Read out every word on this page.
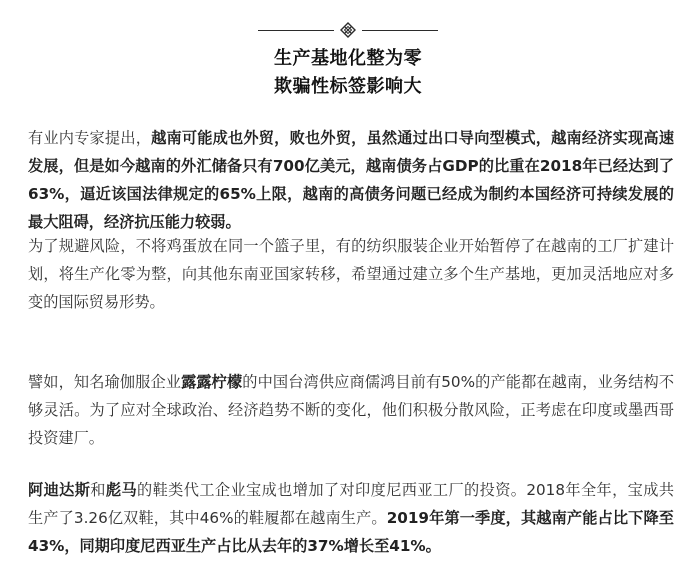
生产基地化整为零
欺骗性标签影响大
有业内专家提出，越南可能成也外贸，败也外贸，虽然通过出口导向型模式，越南经济实现高速发展，但是如今越南的外汇储备只有700亿美元，越南债务占GDP的比重在2018年已经达到了63%，逼近该国法律规定的65%上限，越南的高债务问题已经成为制约本国经济可持续发展的最大阻碍，经济抗压能力较弱。
为了规避风险，不将鸡蛋放在同一个篮子里，有的纺织服装企业开始暂停了在越南的工厂扩建计划，将生产化零为整，向其他东南亚国家转移，希望通过建立多个生产基地，更加灵活地应对多变的国际贸易形势。
譬如，知名瑜伽服企业露露柠檬的中国台湾供应商儒鸿目前有50%的产能都在越南，业务结构不够灵活。为了应对全球政治、经济趋势不断的变化，他们积极分散风险，正考虑在印度或墨西哥投资建厂。
阿迪达斯和彪马的鞋类代工企业宝成也增加了对印度尼西亚工厂的投资。2018年全年，宝成共生产了3.26亿双鞋，其中46%的鞋履都在越南生产。2019年第一季度，其越南产能占比下降至43%，同期印度尼西亚生产占比从去年的37%增长至41%。
